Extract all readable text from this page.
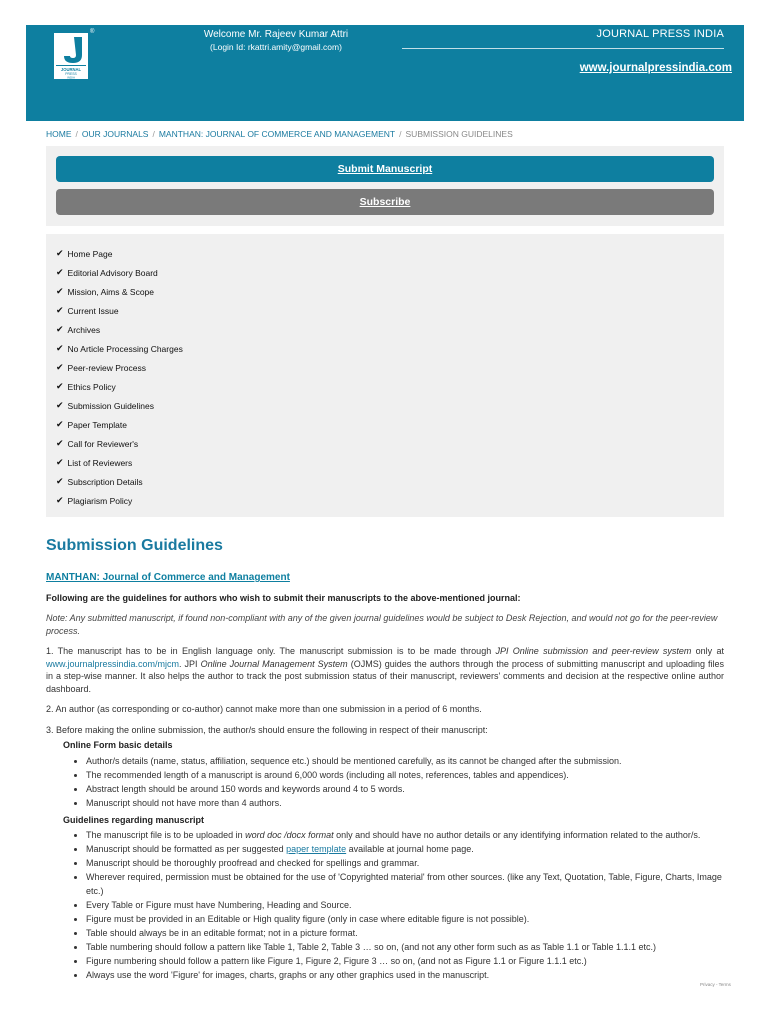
JOURNAL
PRESS
INDIA
®	Welcome Mr. Rajeev Kumar Attri
(Login Id: rkattri.amity@gmail.com)
JOURNAL PRESS INDIA
www.journalpressindia.com
HOME / OUR JOURNALS / MANTHAN: JOURNAL OF COMMERCE AND MANAGEMENT / SUBMISSION GUIDELINES
Submit Manuscript
Subscribe
✔ Home Page
✔ Editorial Advisory Board
✔ Mission, Aims & Scope
✔ Current Issue
✔ Archives
✔ No Article Processing Charges
✔ Peer-review Process
✔ Ethics Policy
✔ Submission Guidelines
✔ Paper Template
✔ Call for Reviewer's
✔ List of Reviewers
✔ Subscription Details
✔ Plagiarism Policy
Submission Guidelines
MANTHAN: Journal of Commerce and Management
Following are the guidelines for authors who wish to submit their manuscripts to the above-mentioned journal:
Note: Any submitted manuscript, if found non-compliant with any of the given journal guidelines would be subject to Desk Rejection, and would not go for the peer-review process.
1. The manuscript has to be in English language only. The manuscript submission is to be made through JPI Online submission and peer-review system only at www.journalpressindia.com/mjcm. JPI Online Journal Management System (OJMS) guides the authors through the process of submitting manuscript and uploading files in a step-wise manner. It also helps the author to track the post submission status of their manuscript, reviewers' comments and decision at the respective online author dashboard.
2. An author (as corresponding or co-author) cannot make more than one submission in a period of 6 months.
3. Before making the online submission, the author/s should ensure the following in respect of their manuscript:
Online Form basic details
• Author/s details (name, status, affiliation, sequence etc.) should be mentioned carefully, as its cannot be changed after the submission.
• The recommended length of a manuscript is around 6,000 words (including all notes, references, tables and appendices).
• Abstract length should be around 150 words and keywords around 4 to 5 words.
• Manuscript should not have more than 4 authors.
Guidelines regarding manuscript
• The manuscript file is to be uploaded in word doc /docx format only and should have no author details or any identifying information related to the author/s.
• Manuscript should be formatted as per suggested paper template available at journal home page.
• Manuscript should be thoroughly proofread and checked for spellings and grammar.
• Wherever required, permission must be obtained for the use of 'Copyrighted material' from other sources. (like any Text, Quotation, Table, Figure, Charts, Image etc.)
• Every Table or Figure must have Numbering, Heading and Source.
• Figure must be provided in an Editable or High quality figure (only in case where editable figure is not possible).
• Table should always be in an editable format; not in a picture format.
• Table numbering should follow a pattern like Table 1, Table 2, Table 3 … so on, (and not any other form such as as Table 1.1 or Table 1.1.1 etc.)
• Figure numbering should follow a pattern like Figure 1, Figure 2, Figure 3 … so on, (and not as Figure 1.1 or Figure 1.1.1 etc.)
• Always use the word 'Figure' for images, charts, graphs or any other graphics used in the manuscript.
Privacy - Terms
